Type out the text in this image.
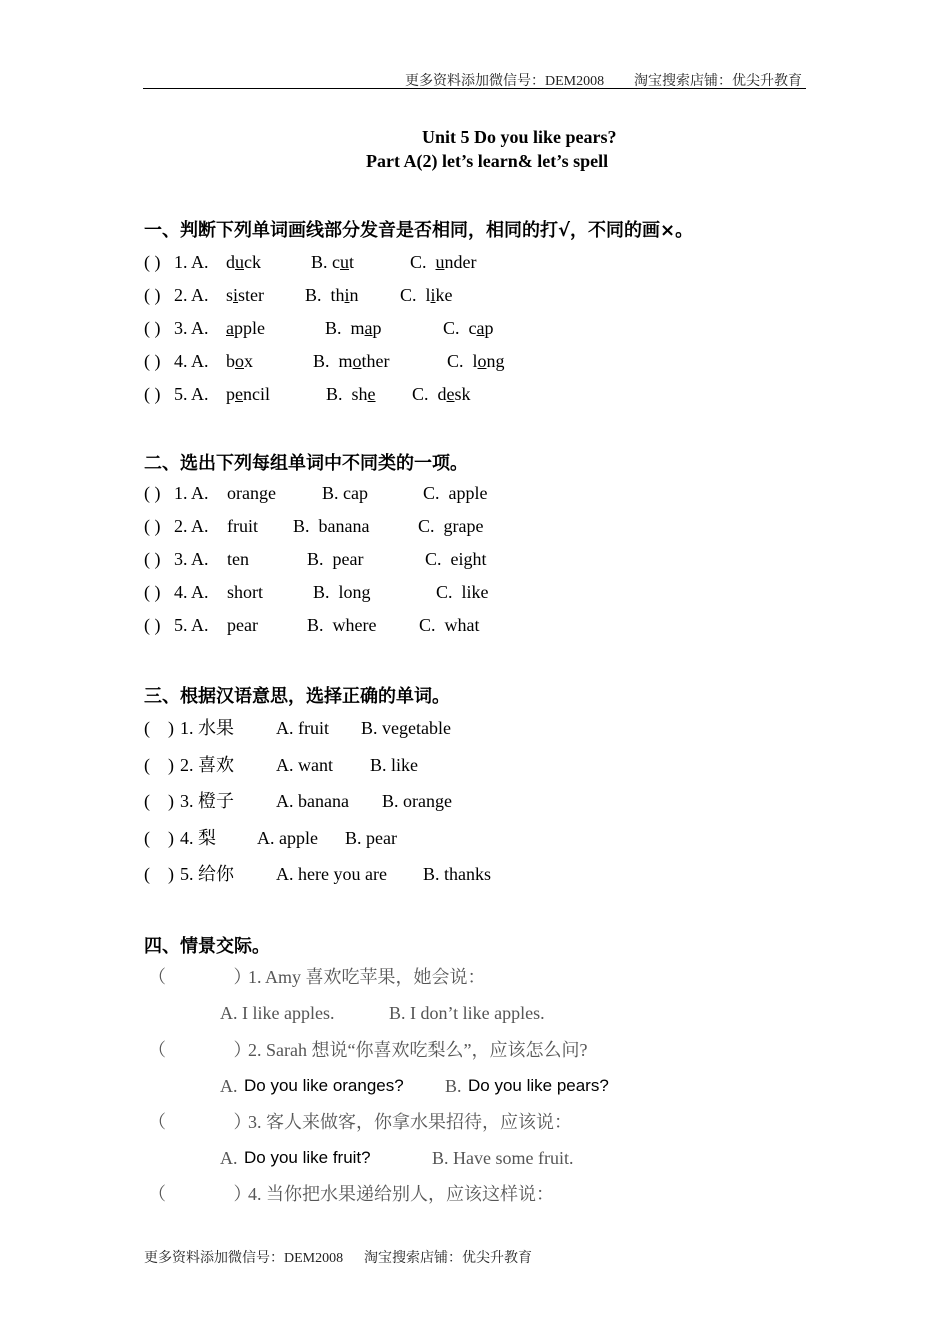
更多资料添加微信号：DEM2008 淘宝搜索店铺：优尖升教育
Unit 5 Do you like pears?
Part A(2) let’s learn& let’s spell
一、判断下列单词画线部分发音是否相同，相同的打√，不同的画×。
( ) 1. A. duck	B. cut	C.  under
( ) 2. A. sister B.  thin C.  like
( ) 3. A. apple	B.  map	C.  cap
( ) 4. A. box	B.  mother	C.  long
( ) 5. A. pencil	B.  she C.  desk
二、选出下列每组单词中不同类的一项。
( ) 1. A. orange	B. cap	C.  apple
( ) 2. A. fruit B.  banana	C.  grape
( ) 3. A. ten	B.  pear	C.  eight
( ) 4. A. short	B.  long	C.  like
( ) 5. A. pear	B.  where C.  what
三、根据汉语意思，选择正确的单词。
(    ) 1. 水果 A. fruit B. vegetable
(    ) 2. 喜欢 A. want B. like
(    ) 3. 橙子 A. banana B. orange
(    ) 4. 梨 A. apple B. pear
(    ) 5. 给你 A. here you are B. thanks
四、情景交际。
（               ）
1. Amy 喜欢吃苹果，她会说：
A. I like apples.	B. I don’t like apples.
（               ）
2. Sarah 想说“你喜欢吃梨么”，应该怎么问?
A. Do you like oranges? B. Do you like pears?
（               ）
3. 客人来做客，你拿水果招待，应该说：
A. Do you like fruit?	B. Have some fruit.
（               ）
4. 当你把水果递给别人，应该这样说：
更多资料添加微信号：DEM2008 淘宝搜索店铺：优尖升教育
